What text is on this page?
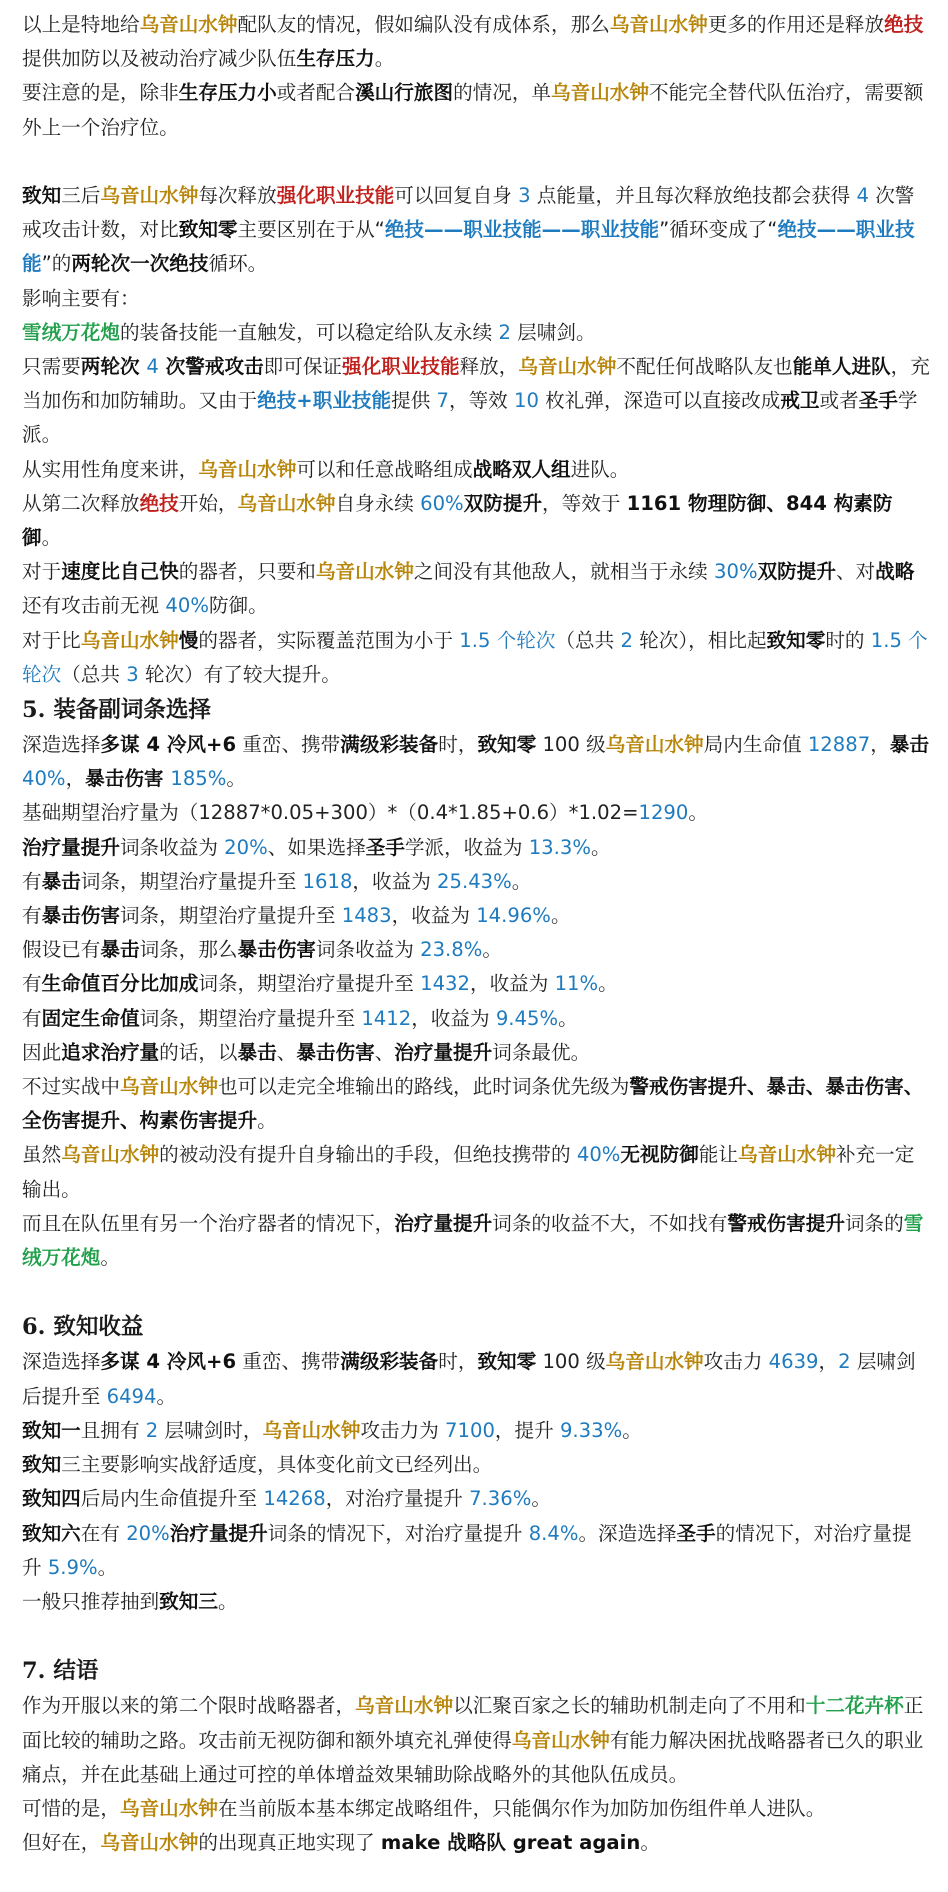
以上是特地给乌音山水钟配队友的情况，假如编队没有成体系，那么乌音山水钟更多的作用还是释放绝技提供加防以及被动治疗减少队伍生存压力。
要注意的是，除非生存压力小或者配合溪山行旅图的情况，单乌音山水钟不能完全替代队伍治疗，需要额外上一个治疗位。
致知三后乌音山水钟每次释放强化职业技能可以回复自身 3 点能量，并且每次释放绝技都会获得 4 次警戒攻击计数，对比致知零主要区别在于从“绝技——职业技能——职业技能”循环变成了“绝技——职业技能”的两轮次一次绝技循环。
影响主要有：
雪绒万花炮的装备技能一直触发，可以稳定给队友永续 2 层啸剑。
只需要两轮次 4 次警戒攻击即可保证强化职业技能释放，乌音山水钟不配任何战略队友也能单人进队，充当加伤和加防辅助。又由于绝技+职业技能提供 7，等效 10 枚礼弹，深造可以直接改成戒卫或者圣手学派。
从实用性角度来讲，乌音山水钟可以和任意战略组成战略双人组进队。
从第二次释放绝技开始，乌音山水钟自身永续 60%双防提升，等效于 1161 物理防御、844 构素防御。
对于速度比自己快的器者，只要和乌音山水钟之间没有其他敌人，就相当于永续 30%双防提升、对战略还有攻击前无视 40%防御。
对于比乌音山水钟慢的器者，实际覆盖范围为小于 1.5 个轮次（总共 2 轮次），相比起致知零时的 1.5 个轮次（总共 3 轮次）有了较大提升。
5. 装备副词条选择
深造选择多谋 4 冷风+6 重峦、携带满级彩装备时，致知零 100 级乌音山水钟局内生命值 12887，暴击 40%，暴击伤害 185%。
基础期望治疗量为（12887*0.05+300）*（0.4*1.85+0.6）*1.02=1290。
治疗量提升词条收益为 20%、如果选择圣手学派，收益为 13.3%。
有暴击词条，期望治疗量提升至 1618，收益为 25.43%。
有暴击伤害词条，期望治疗量提升至 1483，收益为 14.96%。
假设已有暴击词条，那么暴击伤害词条收益为 23.8%。
有生命值百分比加成词条，期望治疗量提升至 1432，收益为 11%。
有固定生命值词条，期望治疗量提升至 1412，收益为 9.45%。
因此追求治疗量的话，以暴击、暴击伤害、治疗量提升词条最优。
不过实战中乌音山水钟也可以走完全堆输出的路线，此时词条优先级为警戒伤害提升、暴击、暴击伤害、全伤害提升、构素伤害提升。
虽然乌音山水钟的被动没有提升自身输出的手段，但绝技携带的 40%无视防御能让乌音山水钟补充一定输出。
而且在队伍里有另一个治疗器者的情况下，治疗量提升词条的收益不大，不如找有警戒伤害提升词条的雪绒万花炮。
6. 致知收益
深造选择多谋 4 冷风+6 重峦、携带满级彩装备时，致知零 100 级乌音山水钟攻击力 4639，2 层啸剑后提升至 6494。
致知一且拥有 2 层啸剑时，乌音山水钟攻击力为 7100，提升 9.33%。
致知三主要影响实战舒适度，具体变化前文已经列出。
致知四后局内生命值提升至 14268，对治疗量提升 7.36%。
致知六在有 20%治疗量提升词条的情况下，对治疗量提升 8.4%。深造选择圣手的情况下，对治疗量提升 5.9%。
一般只推荐抽到致知三。
7. 结语
作为开服以来的第二个限时战略器者，乌音山水钟以汇聚百家之长的辅助机制走向了不用和十二花卉杯正面比较的辅助之路。攻击前无视防御和额外填充礼弹使得乌音山水钟有能力解决困扰战略器者已久的职业痛点，并在此基础上通过可控的单体增益效果辅助除战略外的其他队伍成员。
可惜的是，乌音山水钟在当前版本基本绑定战略组件，只能偶尔作为加防加伤组件单人进队。
但好在，乌音山水钟的出现真正地实现了 make 战略队 great again。
